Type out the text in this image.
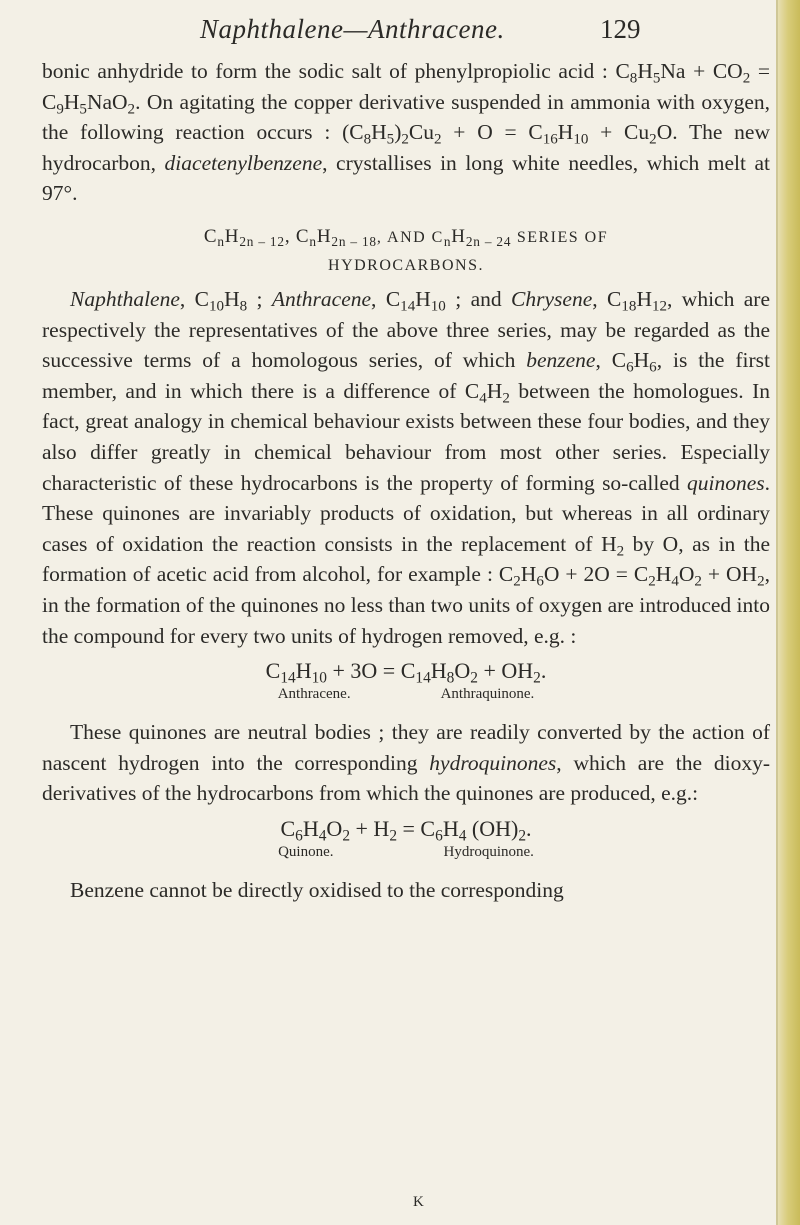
Naphthalene—Anthracene.	129

bonic anhydride to form the sodic salt of phenylpropiolic acid : $C_8H_5Na + CO_2 = C_9H_5NaO_2$. On agitating the copper derivative suspended in ammonia with oxygen, the following reaction occurs : $(C_8H_5)_2Cu_2 + O = C_{16}H_{10} + Cu_2O$. The new hydrocarbon, diacetenylbenzene, crystallises in long white needles, which melt at 97°.

$C_nH_{2n - 12}$, $C_nH_{2n - 18}$, AND $C_nH_{2n - 24}$ SERIES OF
HYDROCARBONS.

Naphthalene, $C_{10}H_8$ ; Anthracene, $C_{14}H_{10}$ ; and Chrysene, $C_{18}H_{12}$, which are respectively the representatives of the above three series, may be regarded as the successive terms of a homologous series, of which benzene, $C_6H_6$, is the first member, and in which there is a difference of $C_4H_2$ between the homologues. In fact, great analogy in chemical behaviour exists between these four bodies, and they also differ greatly in chemical behaviour from most other series. Especially characteristic of these hydrocarbons is the property of forming so-called quinones. These quinones are invariably products of oxidation, but whereas in all ordinary cases of oxidation the reaction consists in the replacement of $H_2$ by O, as in the formation of acetic acid from alcohol, for example : $C_2H_6O + 2O = C_2H_4O_2 + OH_2$, in the formation of the quinones no less than two units of oxygen are introduced into the compound for every two units of hydrogen removed, e.g. :

$C_{14}H_{10} + 3O = C_{14}H_8O_2 + OH_2$.
Anthracene.	Anthraquinone.

These quinones are neutral bodies ; they are readily converted by the action of nascent hydrogen into the corresponding hydroquinones, which are the dioxy-derivatives of the hydrocarbons from which the quinones are produced, e.g.:

$C_6H_4O_2 + H_2 = C_6H_4$ $(OH)_2$.
Quinone.	Hydroquinone.

Benzene cannot be directly oxidised to the corresponding

K
